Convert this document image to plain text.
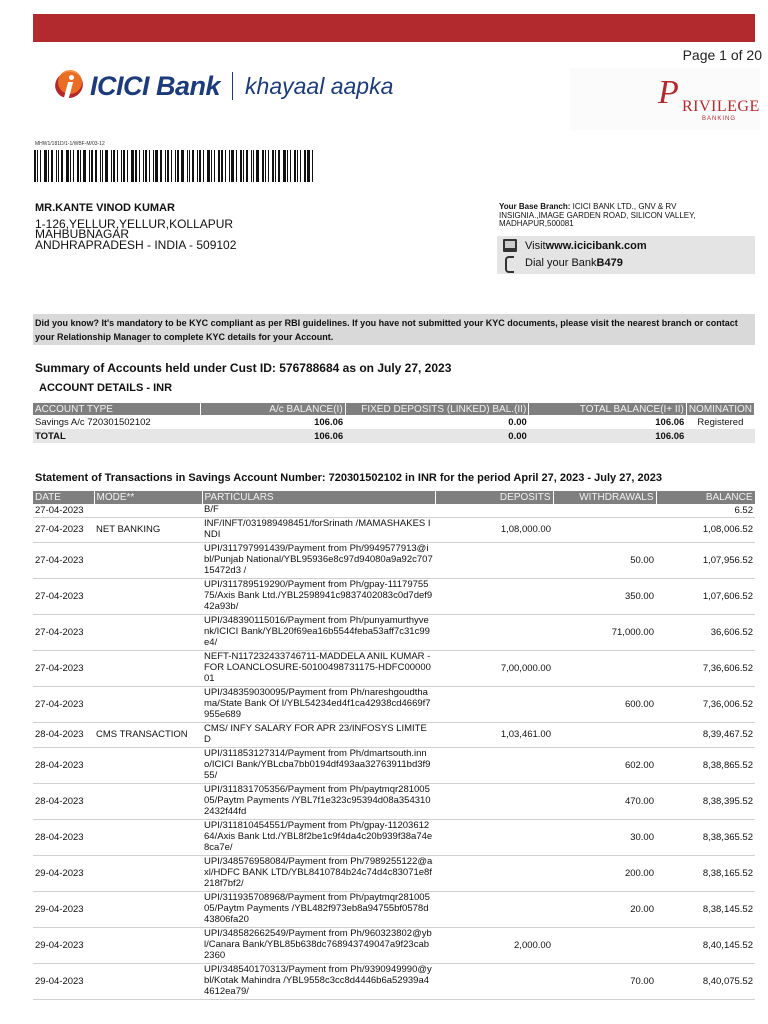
Page 1 of 20
ICICI Bank khayaal aapka	P RIVILEGE
BANKING
MHW1/181D/1-1/WBF-M/03-12
MR.KANTE VINOD KUMAR
1-126,YELLUR,YELLUR,KOLLAPUR
MAHBUBNAGAR
ANDHRAPRADESH - INDIA - 509102
Your Base Branch: ICICI BANK LTD., GNV & RV INSIGNIA.,IMAGE GARDEN ROAD, SILICON VALLEY, MADHAPUR,500081
Visit www.icicibank.com
Dial your Bank B479
Did you know? It's mandatory to be KYC compliant as per RBI guidelines. If you have not submitted your KYC documents, please visit the nearest branch or contact your Relationship Manager to complete KYC details for your Account.
Summary of Accounts held under Cust ID: 576788684 as on July 27, 2023
ACCOUNT DETAILS - INR
ACCOUNT TYPE	A/c BALANCE(I)	FIXED DEPOSITS (LINKED) BAL.(II)	TOTAL BALANCE(I+ II)	NOMINATION
Savings A/c 720301502102	106.06	0.00	106.06	Registered
TOTAL	106.06	0.00	106.06	
Statement of Transactions in Savings Account Number: 720301502102 in INR for the period April 27, 2023 - July 27, 2023
DATE	MODE**	PARTICULARS	DEPOSITS	WITHDRAWALS	BALANCE
27-04-2023		B/F			6.52
27-04-2023	NET BANKING	INF/INFT/031989498451/forSrinath /MAMASHAKES INDI	1,08,000.00		1,08,006.52
27-04-2023		UPI/311797991439/Payment from Ph/9949577913@ibl/Punjab National/YBL95936e8c97d94080a9a92c70715472d3 /		50.00	1,07,956.52
27-04-2023		UPI/311789519290/Payment from Ph/gpay-1117975575/Axis Bank Ltd./YBL2598941c9837402083c0d7def942a93b/		350.00	1,07,606.52
27-04-2023		UPI/348390115016/Payment from Ph/punyamurthyvenk/ICICI Bank/YBL20f69ea16b5544feba53aff7c31c99e4/		71,000.00	36,606.52
27-04-2023		NEFT-N117232433746711-MADDELA ANIL KUMAR -FOR LOANCLOSURE-50100498731175-HDFC0000001	7,00,000.00		7,36,606.52
27-04-2023		UPI/348359030095/Payment from Ph/nareshgoudthama/State Bank Of I/YBL54234ed4f1ca42938cd4669f7955e689		600.00	7,36,006.52
28-04-2023	CMS TRANSACTION	CMS/ INFY SALARY FOR APR 23/INFOSYS LIMITED	1,03,461.00		8,39,467.52
28-04-2023		UPI/311853127314/Payment from Ph/dmartsouth.inno/ICICI Bank/YBLcba7bb0194df493aa32763911bd3f955/		602.00	8,38,865.52
28-04-2023		UPI/311831705356/Payment from Ph/paytmqr28100505/Paytm Payments /YBL7f1e323c95394d08a3543102432f44fd		470.00	8,38,395.52
28-04-2023		UPI/311810454551/Payment from Ph/gpay-1120361264/Axis Bank Ltd./YBL8f2be1c9f4da4c20b939f38a74e8ca7e/		30.00	8,38,365.52
29-04-2023		UPI/348576958084/Payment from Ph/7989255122@axl/HDFC BANK LTD/YBL8410784b24c74d4c83071e8f218f7bf2/		200.00	8,38,165.52
29-04-2023		UPI/311935708968/Payment from Ph/paytmqr28100505/Paytm Payments /YBL482f973eb8a94755bf0578d43806fa20		20.00	8,38,145.52
29-04-2023		UPI/348582662549/Payment from Ph/960323802@ybl/Canara Bank/YBL85b638dc768943749047a9f23cab2360	2,000.00		8,40,145.52
29-04-2023		UPI/348540170313/Payment from Ph/9390949990@ybl/Kotak Mahindra /YBL9558c3cc8d4446b6a52939a44612ea79/		70.00	8,40,075.52
